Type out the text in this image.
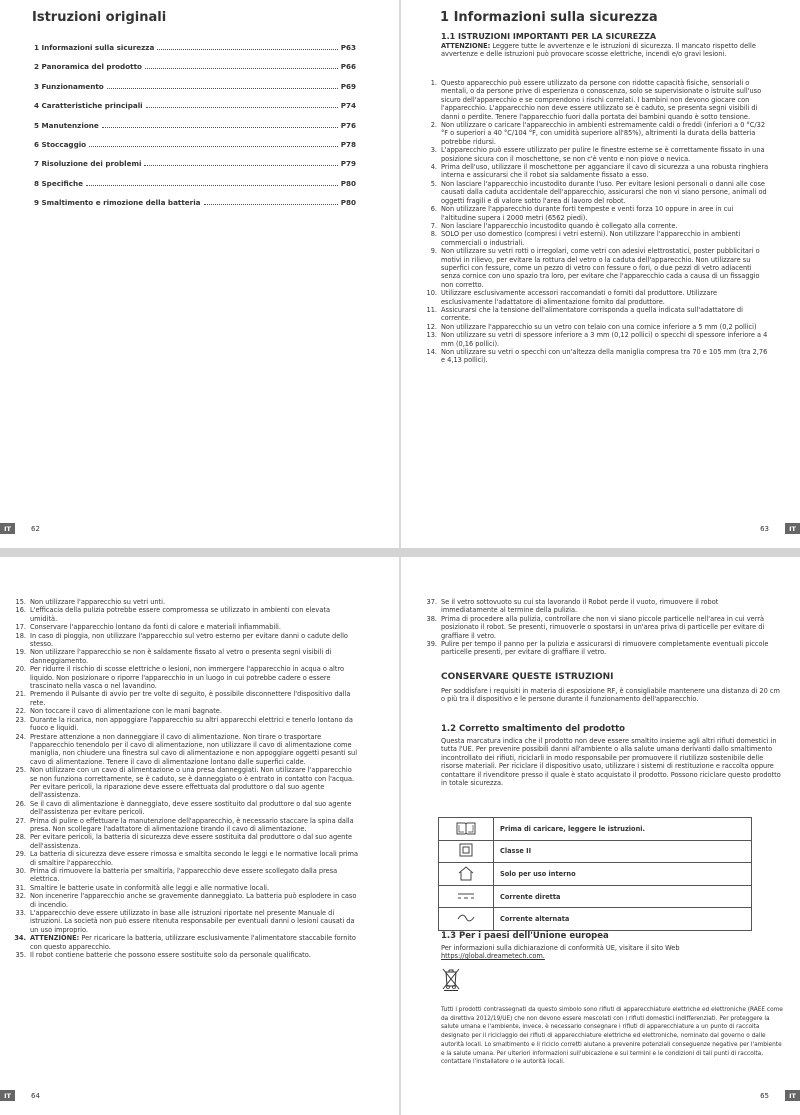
Istruzioni originali
1 Informazioni sulla sicurezza	P63
2 Panoramica del prodotto	P66
3 Funzionamento	P69
4 Caratteristiche principali	P74
5 Manutenzione	P76
6 Stoccaggio	P78
7 Risoluzione dei problemi	P79
8 Specifiche	P80
9 Smaltimento e rimozione della batteria	P80
IT	62
1 Informazioni sulla sicurezza
1.1 ISTRUZIONI IMPORTANTI PER LA SICUREZZA
ATTENZIONE: Leggere tutte le avvertenze e le istruzioni di sicurezza. Il mancato rispetto delle avvertenze e delle istruzioni può provocare scosse elettriche, incendi e/o gravi lesioni.
1. Questo apparecchio può essere utilizzato da persone con ridotte capacità fisiche, sensoriali o mentali, o da persone prive di esperienza o conoscenza, solo se supervisionate o istruite sull'uso sicuro dell'apparecchio e se comprendono i rischi correlati. I bambini non devono giocare con l'apparecchio. L'apparecchio non deve essere utilizzato se è caduto, se presenta segni visibili di danni o perdite. Tenere l'apparecchio fuori dalla portata dei bambini quando è sotto tensione.
2. Non utilizzare o caricare l'apparecchio in ambienti estremamente caldi o freddi (inferiori a 0 °C/32 °F o superiori a 40 °C/104 °F, con umidità superiore all'85%), altrimenti la durata della batteria potrebbe ridursi.
3. L'apparecchio può essere utilizzato per pulire le finestre esterne se è correttamente fissato in una posizione sicura con il moschettone, se non c'è vento e non piove o nevica.
4. Prima dell'uso, utilizzare il moschettone per agganciare il cavo di sicurezza a una robusta ringhiera interna e assicurarsi che il robot sia saldamente fissato a esso.
5. Non lasciare l'apparecchio incustodito durante l'uso. Per evitare lesioni personali o danni alle cose causati dalla caduta accidentale dell'apparecchio, assicurarsi che non vi siano persone, animali od oggetti fragili e di valore sotto l'area di lavoro del robot.
6. Non utilizzare l'apparecchio durante forti tempeste e venti forza 10 oppure in aree in cui l'altitudine supera i 2000 metri (6562 piedi).
7. Non lasciare l'apparecchio incustodito quando è collegato alla corrente.
8. SOLO per uso domestico (compresi i vetri esterni). Non utilizzare l'apparecchio in ambienti commerciali o industriali.
9. Non utilizzare su vetri rotti o irregolari, come vetri con adesivi elettrostatici, poster pubblicitari o motivi in rilievo, per evitare la rottura del vetro o la caduta dell'apparecchio. Non utilizzare su superfici con fessure, come un pezzo di vetro con fessure o fori, o due pezzi di vetro adiacenti senza cornice con uno spazio tra loro, per evitare che l'apparecchio cada a causa di un fissaggio non corretto.
10. Utilizzare esclusivamente accessori raccomandati o forniti dal produttore. Utilizzare esclusivamente l'adattatore di alimentazione fornito dal produttore.
11. Assicurarsi che la tensione dell'alimentatore corrisponda a quella indicata sull'adattatore di corrente.
12. Non utilizzare l'apparecchio su un vetro con telaio con una cornice inferiore a 5 mm (0,2 pollici)
13. Non utilizzare su vetri di spessore inferiore a 3 mm (0,12 pollici) o specchi di spessore inferiore a 4 mm (0,16 pollici).
14. Non utilizzare su vetri o specchi con un'altezza della maniglia compresa tra 70 e 105 mm (tra 2,76 e 4,13 pollici).
63	IT
15. Non utilizzare l'apparecchio su vetri unti.
16. L'efficacia della pulizia potrebbe essere compromessa se utilizzato in ambienti con elevata umidità.
17. Conservare l'apparecchio lontano da fonti di calore e materiali infiammabili.
18. In caso di pioggia, non utilizzare l'apparecchio sul vetro esterno per evitare danni o cadute dello stesso.
19. Non utilizzare l'apparecchio se non è saldamente fissato al vetro o presenta segni visibili di danneggiamento.
20. Per ridurre il rischio di scosse elettriche o lesioni, non immergere l'apparecchio in acqua o altro liquido. Non posizionare o riporre l'apparecchio in un luogo in cui potrebbe cadere o essere trascinato nella vasca o nel lavandino.
21. Premendo il Pulsante di avvio per tre volte di seguito, è possibile disconnettere l'dispositivo dalla rete.
22. Non toccare il cavo di alimentazione con le mani bagnate.
23. Durante la ricarica, non appoggiare l'apparecchio su altri apparecchi elettrici e tenerlo lontano da fuoco e liquidi.
24. Prestare attenzione a non danneggiare il cavo di alimentazione. Non tirare o trasportare l'apparecchio tenendolo per il cavo di alimentazione, non utilizzare il cavo di alimentazione come maniglia, non chiudere una finestra sul cavo di alimentazione e non appoggiare oggetti pesanti sul cavo di alimentazione. Tenere il cavo di alimentazione lontano dalle superfici calde.
25. Non utilizzare con un cavo di alimentazione o una presa danneggiati. Non utilizzare l'apparecchio se non funziona correttamente, se è caduto, se è danneggiato o è entrato in contatto con l'acqua. Per evitare pericoli, la riparazione deve essere effettuata dal produttore o dal suo agente dell'assistenza.
26. Se il cavo di alimentazione è danneggiato, deve essere sostituito dal produttore o dal suo agente dell'assistenza per evitare pericoli.
27. Prima di pulire o effettuare la manutenzione dell'apparecchio, è necessario staccare la spina dalla presa. Non scollegare l'adattatore di alimentazione tirando il cavo di alimentazione.
28. Per evitare pericoli, la batteria di sicurezza deve essere sostituita dal produttore o dal suo agente dell'assistenza.
29. La batteria di sicurezza deve essere rimossa e smaltita secondo le leggi e le normative locali prima di smaltire l'apparecchio.
30. Prima di rimuovere la batteria per smaltirla, l'apparecchio deve essere scollegato dalla presa elettrica.
31. Smaltire le batterie usate in conformità alle leggi e alle normative locali.
32. Non incenerire l'apparecchio anche se gravemente danneggiato. La batteria può esplodere in caso di incendio.
33. L'apparecchio deve essere utilizzato in base alle istruzioni riportate nel presente Manuale di istruzioni. La società non può essere ritenuta responsabile per eventuali danni o lesioni causati da un uso improprio.
34. ATTENZIONE: Per ricaricare la batteria, utilizzare esclusivamente l'alimentatore staccabile fornito con questo apparecchio.
35. Il robot contiene batterie che possono essere sostituite solo da personale qualificato.
IT	64
37. Se il vetro sottovuoto su cui sta lavorando il Robot perde il vuoto, rimuovere il robot immediatamente al termine della pulizia.
38. Prima di procedere alla pulizia, controllare che non vi siano piccole particelle nell'area in cui verrà posizionato il robot. Se presenti, rimuoverle o spostarsi in un'area priva di particelle per evitare di graffiare il vetro.
39. Pulire per tempo il panno per la pulizia e assicurarsi di rimuovere completamente eventuali piccole particelle presenti, per evitare di graffiare il vetro.
CONSERVARE QUESTE ISTRUZIONI
Per soddisfare i requisiti in materia di esposizione RF, è consigliabile mantenere una distanza di 20 cm o più tra il dispositivo e le persone durante il funzionamento dell'apparecchio.
1.2 Corretto smaltimento del prodotto
Questa marcatura indica che il prodotto non deve essere smaltito insieme agli altri rifiuti domestici in tutta l'UE. Per prevenire possibili danni all'ambiente o alla salute umana derivanti dallo smaltimento incontrollato dei rifiuti, riciclarli in modo responsabile per promuovere il riutilizzo sostenibile delle risorse materiali. Per riciclare il dispositivo usato, utilizzare i sistemi di restituzione e raccolta oppure contattare il rivenditore presso il quale è stato acquistato il prodotto. Possono riciclare questo prodotto in totale sicurezza.
	Prima di caricare, leggere le istruzioni.
	Classe II
	Solo per uso interno
	Corrente diretta
	Corrente alternata
1.3 Per i paesi dell'Unione europea
Per informazioni sulla dichiarazione di conformità UE, visitare il sito Web
https://global.dreametech.com.
Tutti i prodotti contrassegnati da questo simbolo sono rifiuti di apparecchiature elettriche ed elettroniche (RAEE come da direttiva 2012/19/UE) che non devono essere mescolati con i rifiuti domestici indifferenziati. Per proteggere la salute umana e l'ambiente, invece, è necessario consegnare i rifiuti di apparecchiature a un punto di raccolta designato per il riciclaggio dei rifiuti di apparecchiature elettriche ed elettroniche, nominato dal governo o dalle autorità locali. Lo smaltimento e il riciclo corretti aiutano a prevenire potenziali conseguenze negative per l'ambiente e la salute umana. Per ulteriori informazioni sull'ubicazione e sui termini e le condizioni di tali punti di raccolta, contattare l'installatore o le autorità locali.
65	IT
